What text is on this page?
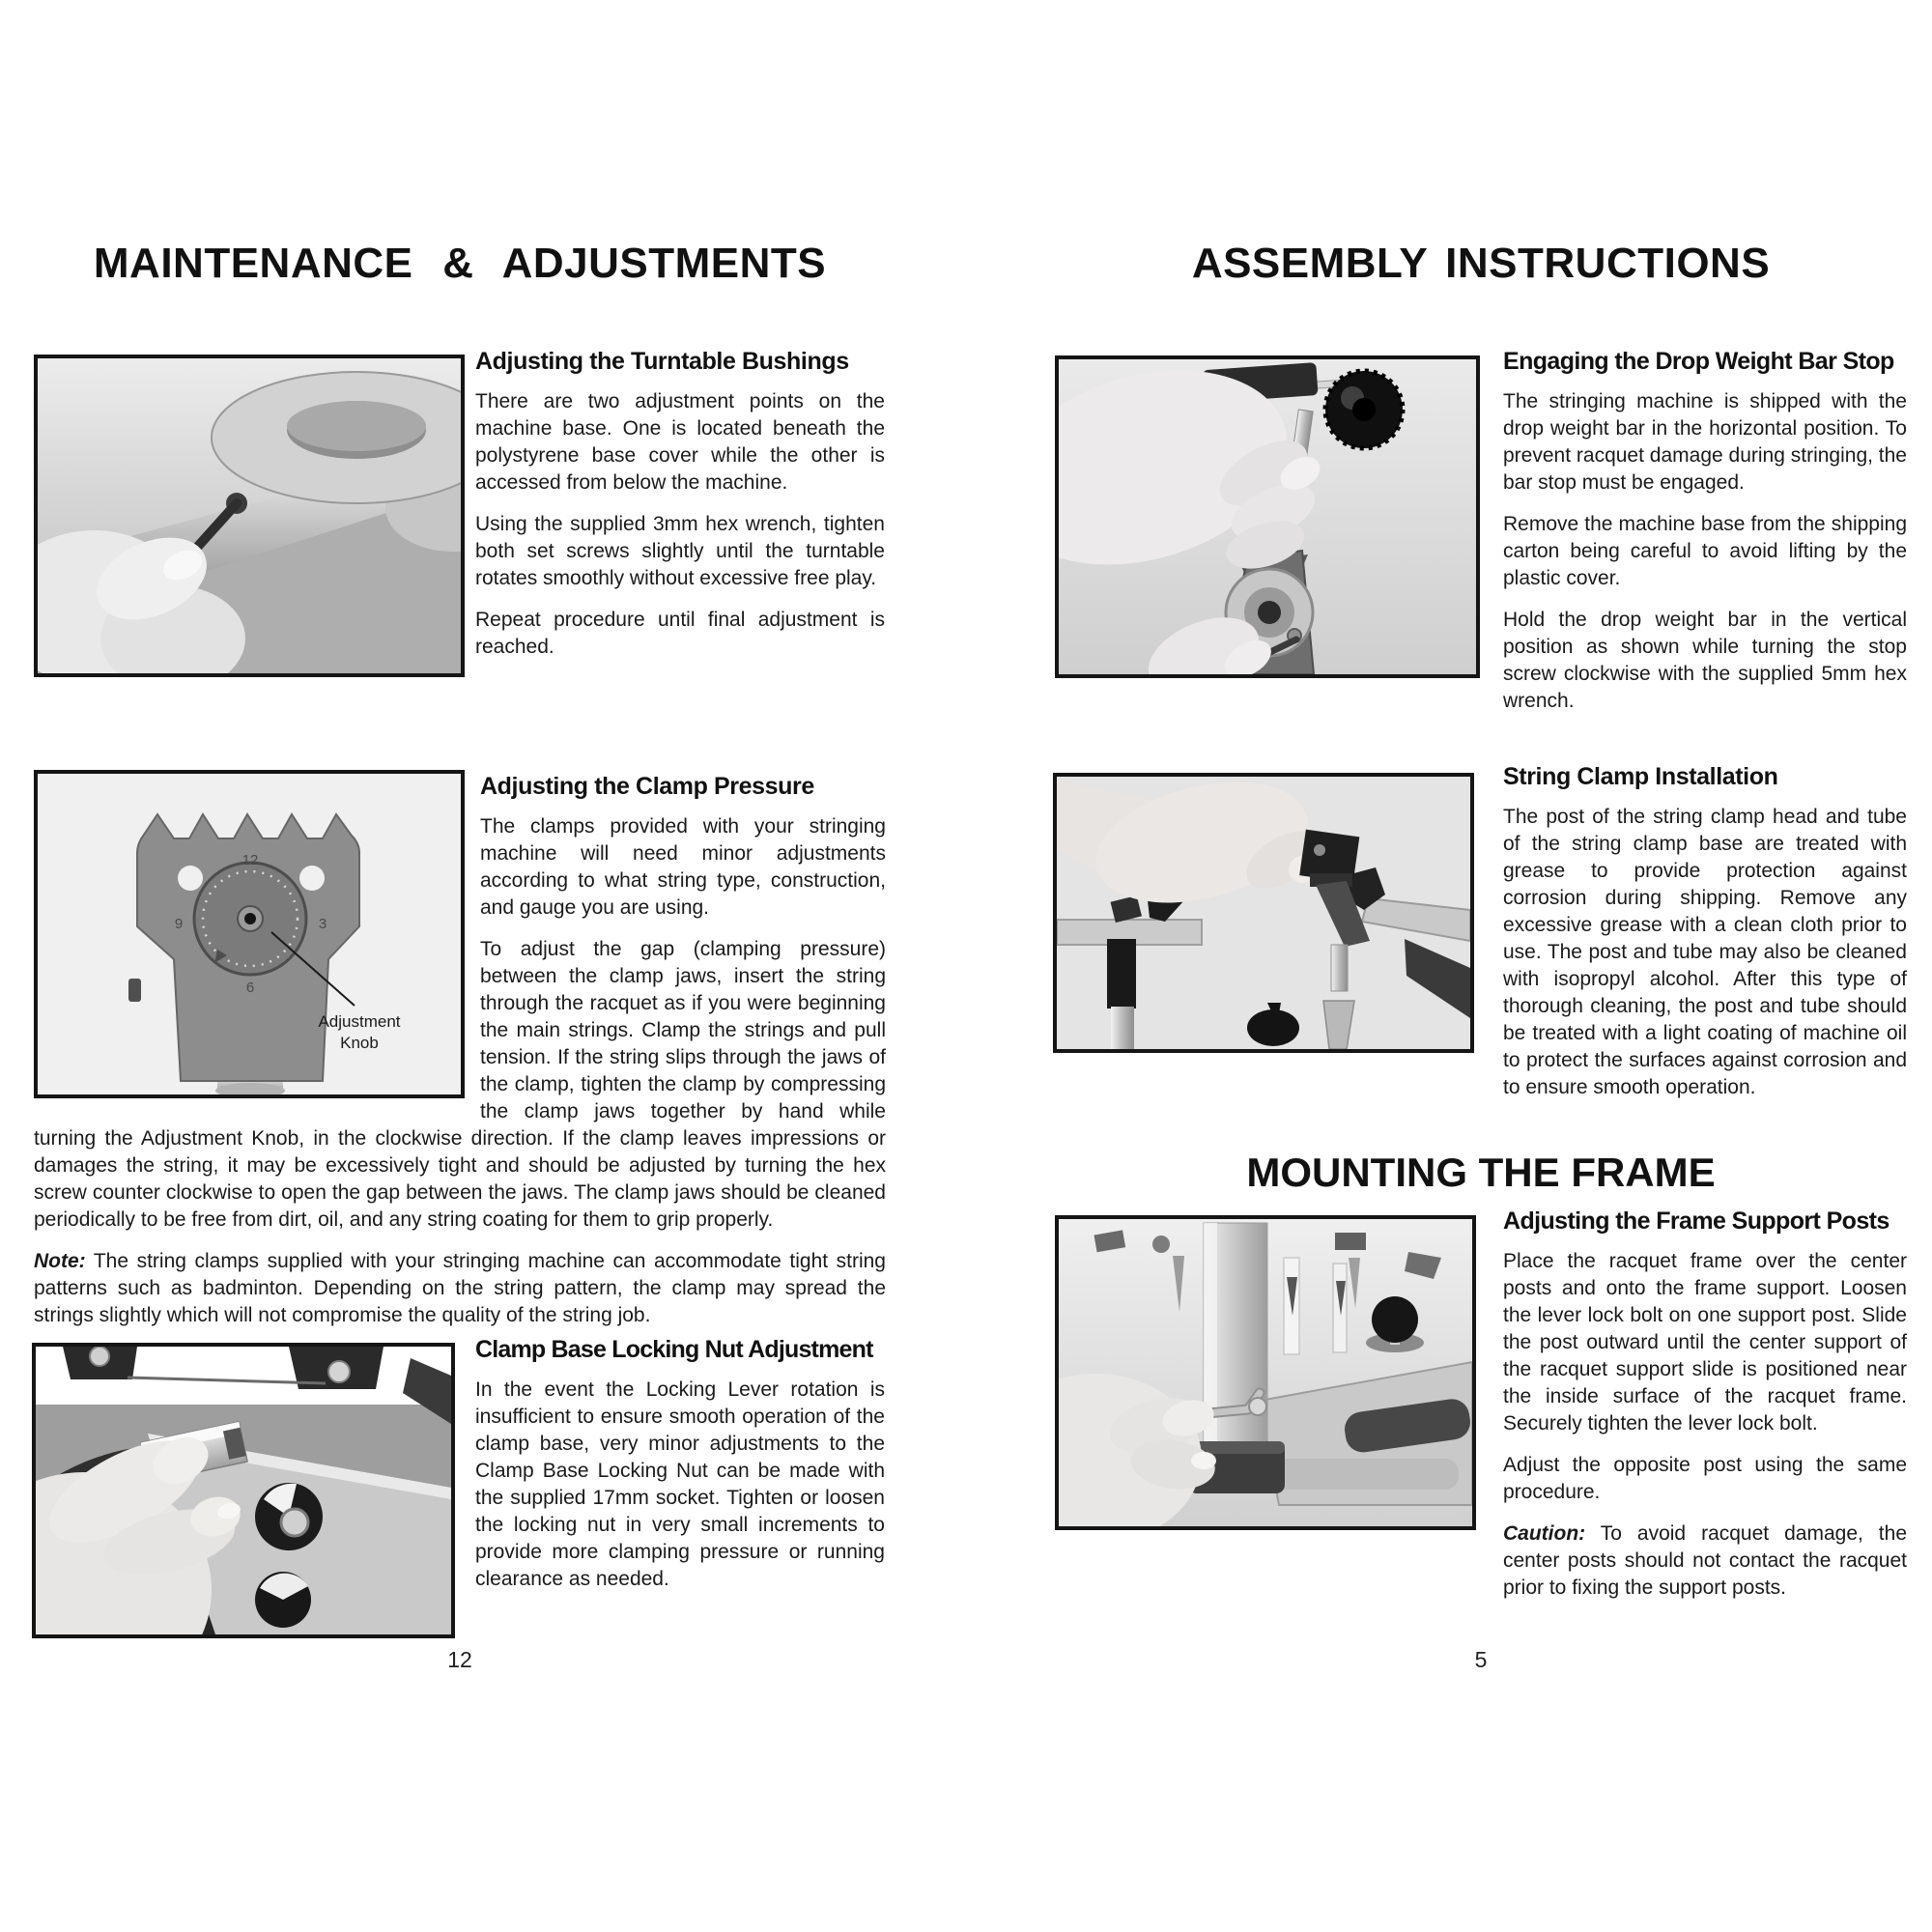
MAINTENANCE & ADJUSTMENTS
Adjusting the Turntable Bushings

There are two adjustment points on the machine base. One is located beneath the polystyrene base cover while the other is accessed from below the machine.

Using the supplied 3mm hex wrench, tighten both set screws slightly until the turntable rotates smoothly without excessive free play.

Repeat procedure until final adjustment is reached.

12
3
6
9
Adjustment
Knob
Adjusting the Clamp Pressure

The clamps provided with your stringing machine will need minor adjustments according to what string type, construction, and gauge you are using.

To adjust the gap (clamping pressure) between the clamp jaws, insert the string through the racquet as if you were beginning the main strings. Clamp the strings and pull tension. If the string slips through the jaws of the clamp, tighten the clamp by compressing the clamp jaws together by hand while turning the Adjustment Knob, in the clockwise direction. If the clamp leaves impressions or damages the string, it may be excessively tight and should be adjusted by turning the hex screw counter clockwise to open the gap between the jaws. The clamp jaws should be cleaned periodically to be free from dirt, oil, and any string coating for them to grip properly.

Note: The string clamps supplied with your stringing machine can accommodate tight string patterns such as badminton. Depending on the string pattern, the clamp may spread the strings slightly which will not compromise the quality of the string job.

Clamp Base Locking Nut Adjustment

In the event the Locking Lever rotation is insufficient to ensure smooth operation of the clamp base, very minor adjustments to the Clamp Base Locking Nut can be made with the supplied 17mm socket. Tighten or loosen the locking nut in very small increments to provide more clamping pressure or running clearance as needed.

12
ASSEMBLY INSTRUCTIONS
Engaging the Drop Weight Bar Stop

The stringing machine is shipped with the drop weight bar in the horizontal position. To prevent racquet damage during stringing, the bar stop must be engaged.

Remove the machine base from the shipping carton being careful to avoid lifting by the plastic cover.

Hold the drop weight bar in the vertical position as shown while turning the stop screw clockwise with the supplied 5mm hex wrench.

String Clamp Installation

The post of the string clamp head and tube of the string clamp base are treated with grease to provide protection against corrosion during shipping. Remove any excessive grease with a clean cloth prior to use. The post and tube may also be cleaned with isopropyl alcohol. After this type of thorough cleaning, the post and tube should be treated with a light coating of machine oil to protect the surfaces against corrosion and to ensure smooth operation.

MOUNTING THE FRAME
Adjusting the Frame Support Posts

Place the racquet frame over the center posts and onto the frame support. Loosen the lever lock bolt on one support post. Slide the post outward until the center support of the racquet support slide is positioned near the inside surface of the racquet frame. Securely tighten the lever lock bolt.

Adjust the opposite post using the same procedure.

Caution: To avoid racquet damage, the center posts should not contact the racquet prior to fixing the support posts.

5
